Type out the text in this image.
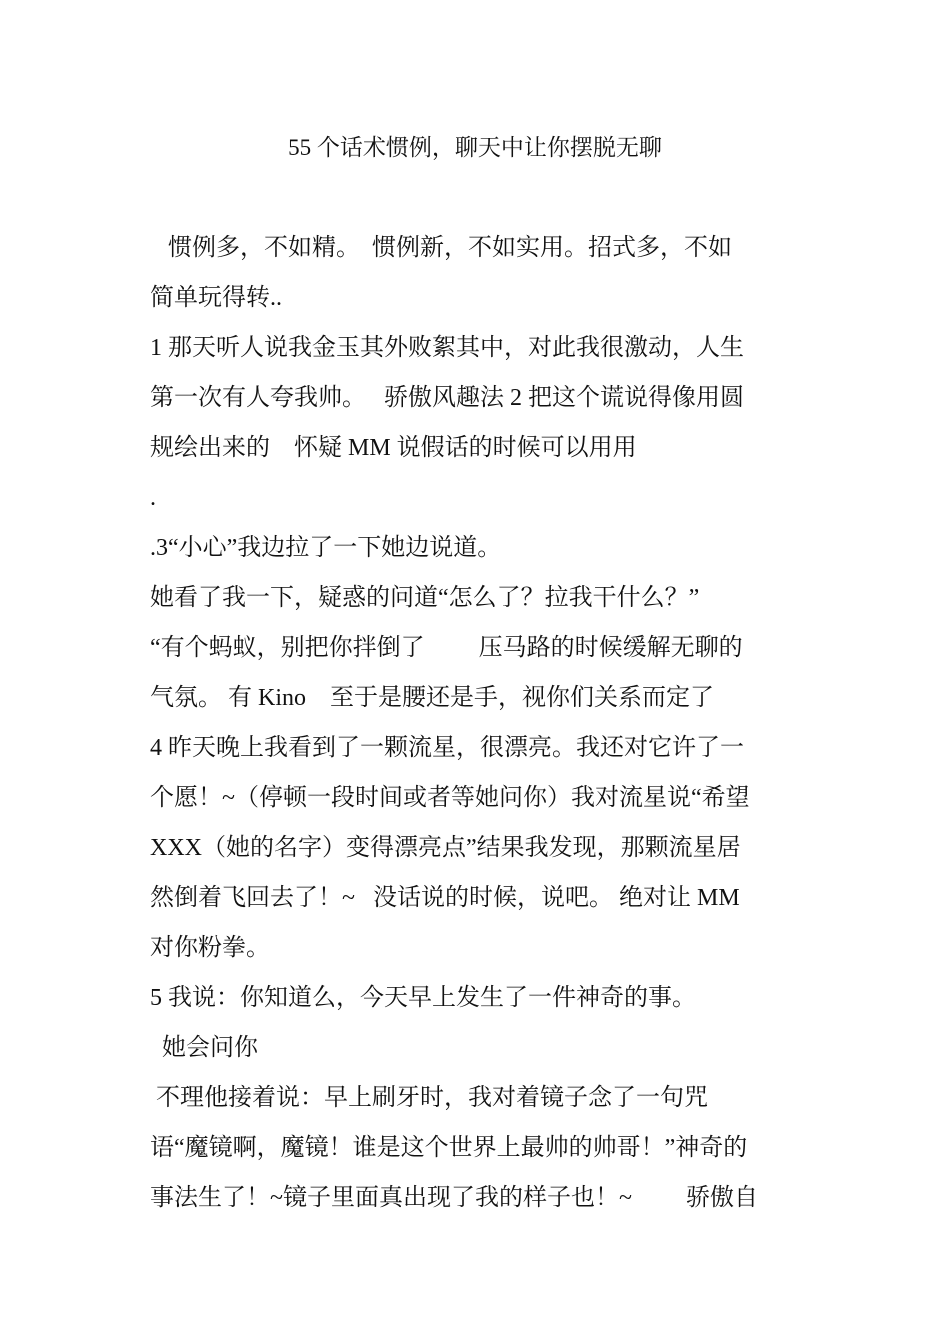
55 个话术惯例，聊天中让你摆脱无聊
惯例多，不如精。  惯例新，不如实用。招式多，不如
简单玩得转..
1 那天听人说我金玉其外败絮其中，对此我很激动，人生
第一次有人夸我帅。   骄傲风趣法 2 把这个谎说得像用圆
规绘出来的    怀疑 MM 说假话的时候可以用用
.
.3“小心”我边拉了一下她边说道。
她看了我一下，疑惑的问道“怎么了？拉我干什么？”
“有个蚂蚁，别把你拌倒了         压马路的时候缓解无聊的
气氛。 有 Kino    至于是腰还是手，视你们关系而定了
4 昨天晚上我看到了一颗流星，很漂亮。我还对它许了一
个愿！~（停顿一段时间或者等她问你）我对流星说“希望
XXX（她的名字）变得漂亮点”结果我发现，那颗流星居
然倒着飞回去了！~   没话说的时候，说吧。 绝对让 MM
对你粉拳。
5 我说：你知道么，今天早上发生了一件神奇的事。
她会问你
不理他接着说：早上刷牙时，我对着镜子念了一句咒
语“魔镜啊，魔镜！谁是这个世界上最帅的帅哥！”神奇的
事法生了！~镜子里面真出现了我的样子也！~         骄傲自
